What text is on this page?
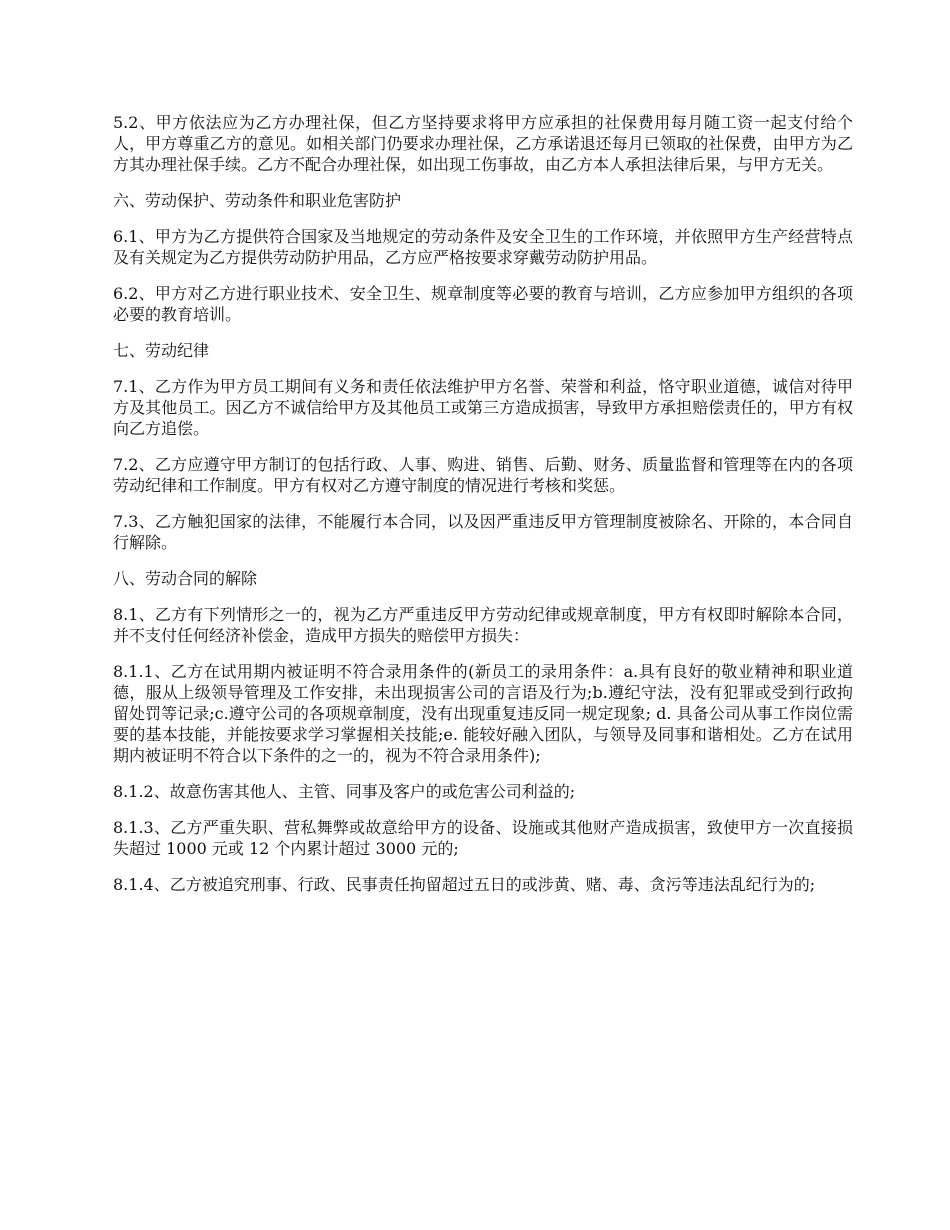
5.2、甲方依法应为乙方办理社保，但乙方坚持要求将甲方应承担的社保费用每月随工资一起支付给个人，甲方尊重乙方的意见。如相关部门仍要求办理社保，乙方承诺退还每月已领取的社保费，由甲方为乙方其办理社保手续。乙方不配合办理社保，如出现工伤事故，由乙方本人承担法律后果，与甲方无关。

六、劳动保护、劳动条件和职业危害防护

6.1、甲方为乙方提供符合国家及当地规定的劳动条件及安全卫生的工作环境，并依照甲方生产经营特点及有关规定为乙方提供劳动防护用品，乙方应严格按要求穿戴劳动防护用品。

6.2、甲方对乙方进行职业技术、安全卫生、规章制度等必要的教育与培训，乙方应参加甲方组织的各项必要的教育培训。

七、劳动纪律

7.1、乙方作为甲方员工期间有义务和责任依法维护甲方名誉、荣誉和利益，恪守职业道德，诚信对待甲方及其他员工。因乙方不诚信给甲方及其他员工或第三方造成损害，导致甲方承担赔偿责任的，甲方有权向乙方追偿。

7.2、乙方应遵守甲方制订的包括行政、人事、购进、销售、后勤、财务、质量监督和管理等在内的各项劳动纪律和工作制度。甲方有权对乙方遵守制度的情况进行考核和奖惩。

7.3、乙方触犯国家的法律，不能履行本合同，以及因严重违反甲方管理制度被除名、开除的，本合同自行解除。

八、劳动合同的解除

8.1、乙方有下列情形之一的，视为乙方严重违反甲方劳动纪律或规章制度，甲方有权即时解除本合同，并不支付任何经济补偿金，造成甲方损失的赔偿甲方损失：

8.1.1、乙方在试用期内被证明不符合录用条件的(新员工的录用条件：a.具有良好的敬业精神和职业道德，服从上级领导管理及工作安排，未出现损害公司的言语及行为;b.遵纪守法，没有犯罪或受到行政拘留处罚等记录;c.遵守公司的各项规章制度，没有出现重复违反同一规定现象; d. 具备公司从事工作岗位需要的基本技能，并能按要求学习掌握相关技能;e. 能较好融入团队，与领导及同事和谐相处。乙方在试用期内被证明不符合以下条件的之一的，视为不符合录用条件);

8.1.2、故意伤害其他人、主管、同事及客户的或危害公司利益的;

8.1.3、乙方严重失职、营私舞弊或故意给甲方的设备、设施或其他财产造成损害，致使甲方一次直接损失超过 1000 元或 12 个内累计超过 3000 元的;

8.1.4、乙方被追究刑事、行政、民事责任拘留超过五日的或涉黄、赌、毒、贪污等违法乱纪行为的;
